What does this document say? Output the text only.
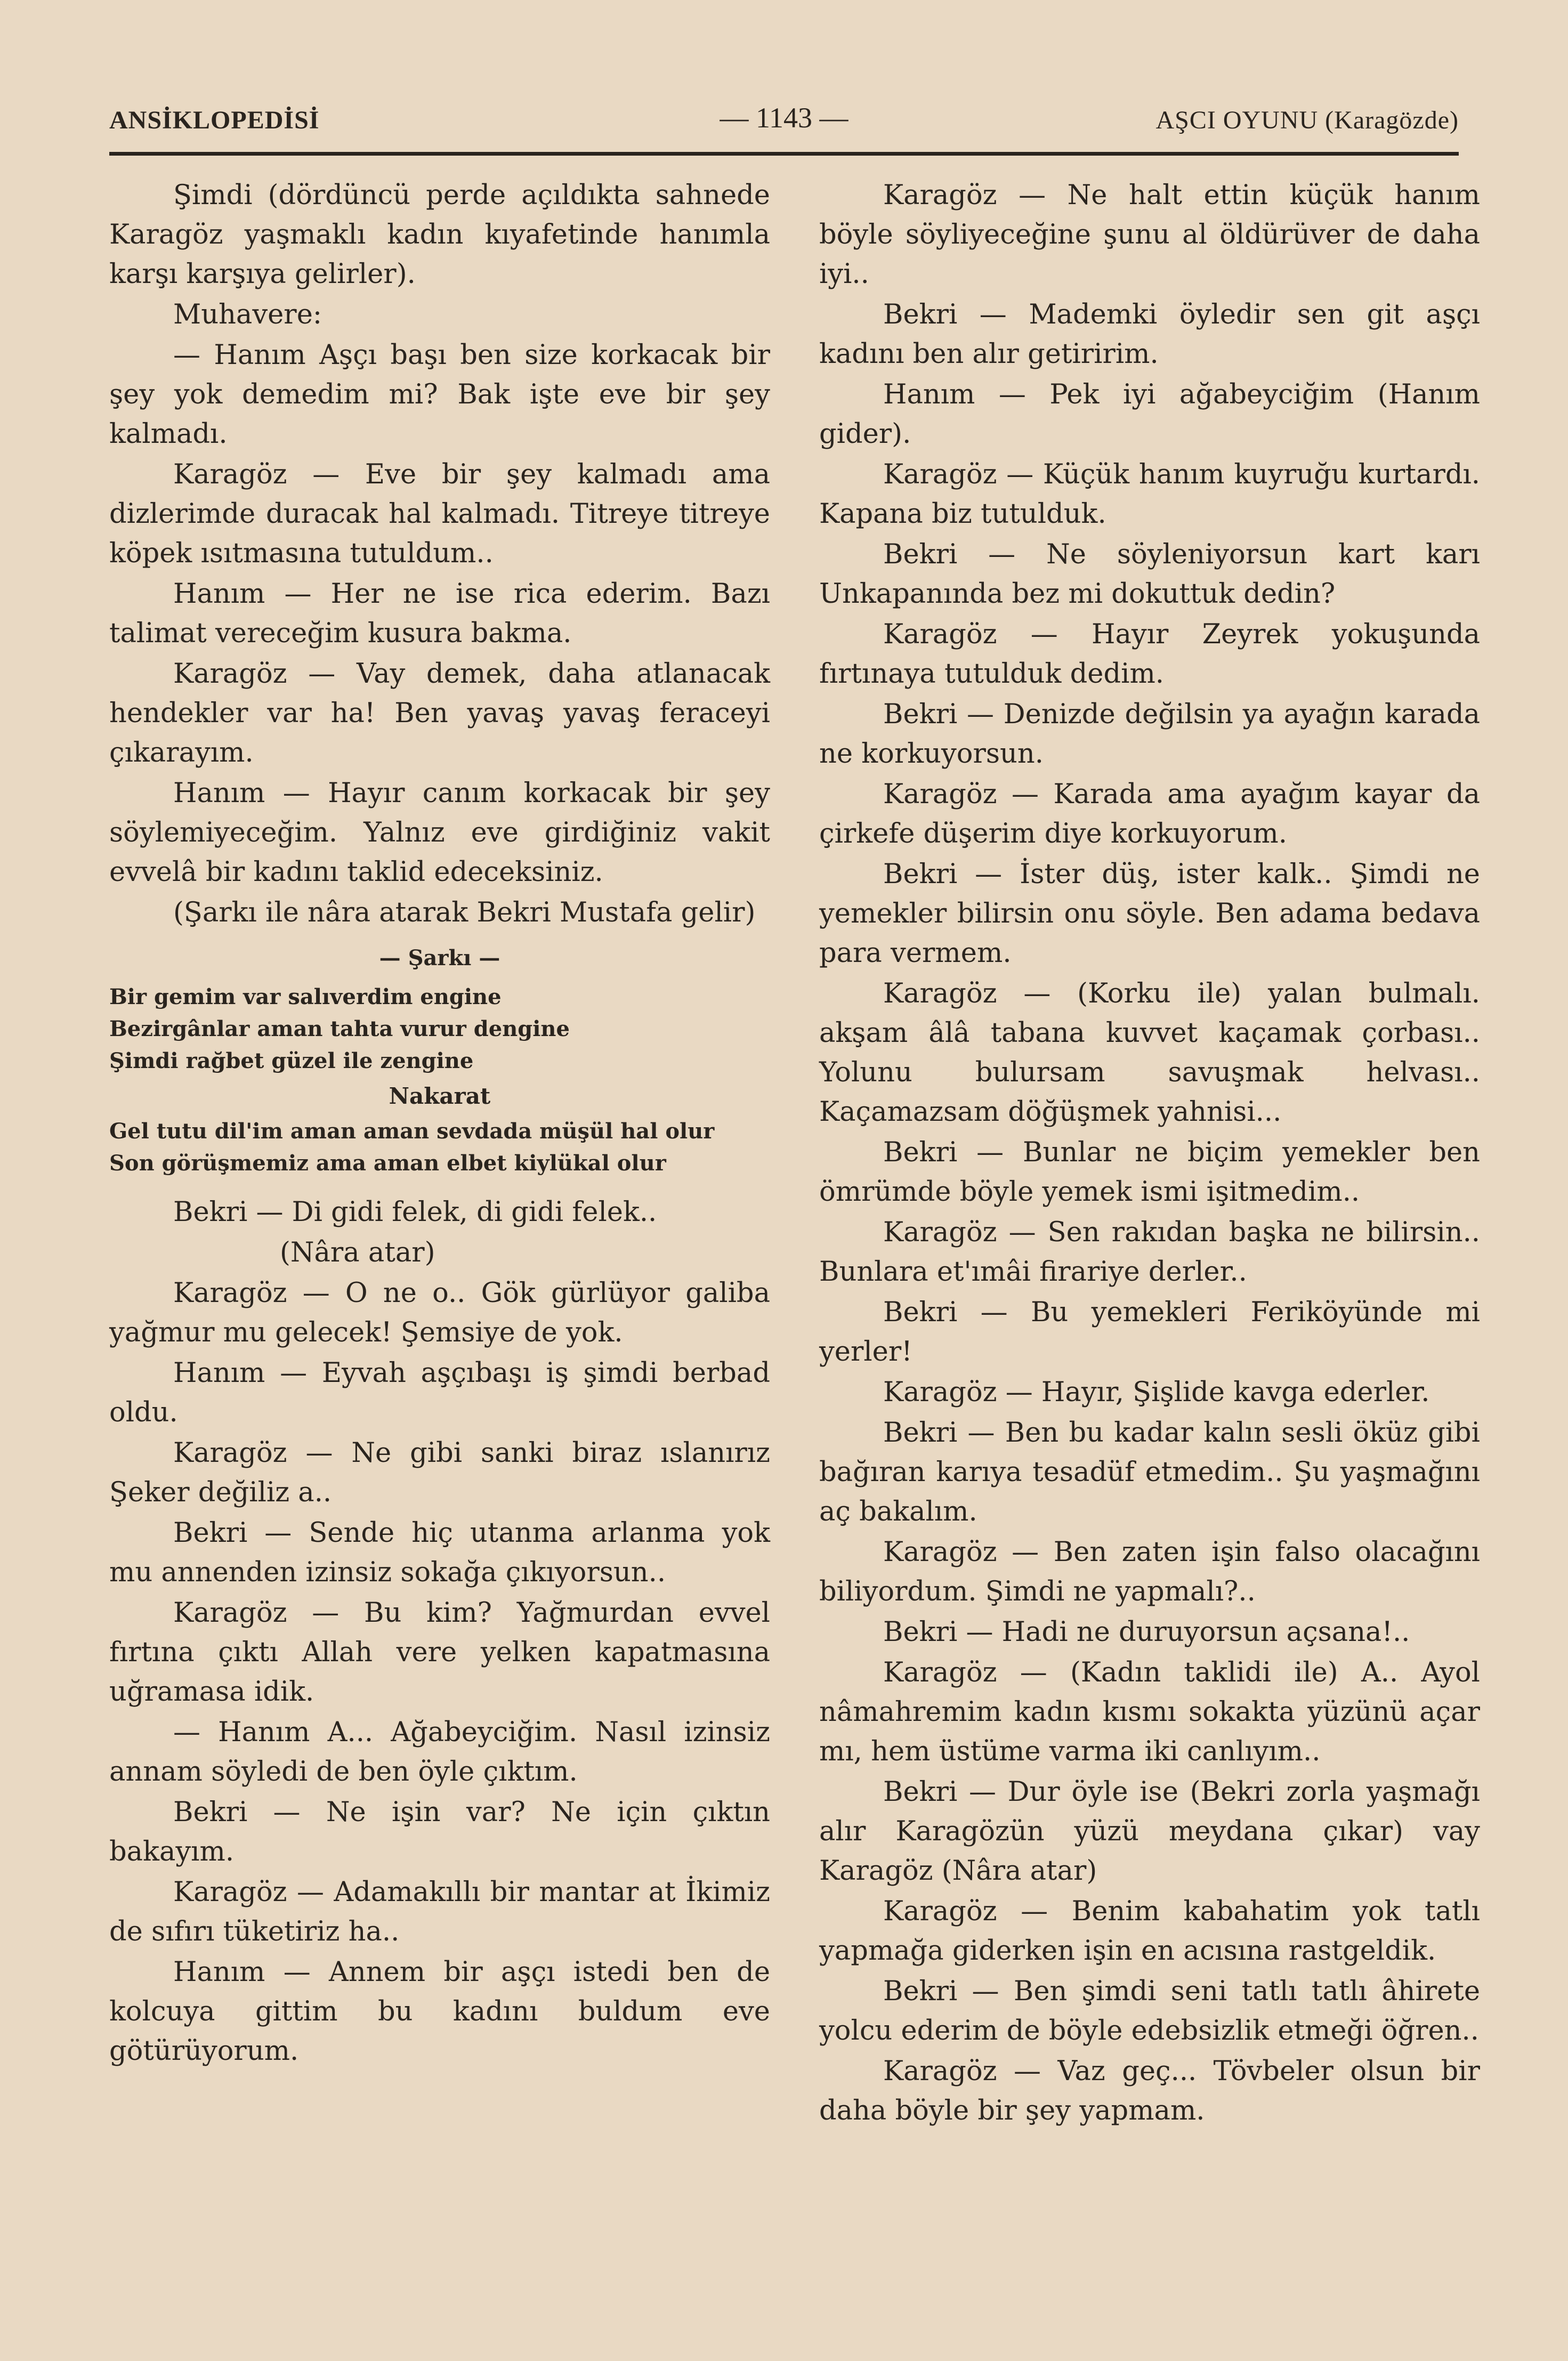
ANSİKLOPEDİSİ	— 1143 —	AŞCI OYUNU (Karagözde)

Şimdi (dördüncü perde açıldıkta sahnede Karagöz yaşmaklı kadın kıyafetinde hanımla karşı karşıya gelirler).

Muhavere:

— Hanım Aşçı başı ben size korkacak bir şey yok demedim mi? Bak işte eve bir şey kalmadı.

Karagöz — Eve bir şey kalmadı ama dizlerimde duracak hal kalmadı. Titreye titreye köpek ısıtmasına tutuldum..

Hanım — Her ne ise rica ederim. Bazı talimat vereceğim kusura bakma.

Karagöz — Vay demek, daha atlanacak hendekler var ha! Ben yavaş yavaş feraceyi çıkarayım.

Hanım — Hayır canım korkacak bir şey söylemiyeceğim. Yalnız eve girdiğiniz vakit evvelâ bir kadını taklid edeceksiniz.

(Şarkı ile nâra atarak Bekri Mustafa gelir)

— Şarkı —

Bir gemim var salıverdim engine

Bezirgânlar aman tahta vurur dengine

Şimdi rağbet güzel ile zengine

Nakarat

Gel tutu dil'im aman aman sevdada müşül hal olur

Son görüşmemiz ama aman elbet kiylükal olur

Bekri — Di gidi felek, di gidi felek..

(Nâra atar)

Karagöz — O ne o.. Gök gürlüyor galiba yağmur mu gelecek! Şemsiye de yok.

Hanım — Eyvah aşçıbaşı iş şimdi berbad oldu.

Karagöz — Ne gibi sanki biraz ıslanırız Şeker değiliz a..

Bekri — Sende hiç utanma arlanma yok mu annenden izinsiz sokağa çıkıyorsun..

Karagöz — Bu kim? Yağmurdan evvel fırtına çıktı Allah vere yelken kapatmasına uğramasa idik.

— Hanım A... Ağabeyciğim. Nasıl izinsiz annam söyledi de ben öyle çıktım.

Bekri — Ne işin var? Ne için çıktın bakayım.

Karagöz — Adamakıllı bir mantar at İkimiz de sıfırı tüketiriz ha..

Hanım — Annem bir aşçı istedi ben de kolcuya gittim bu kadını buldum eve götürüyorum.

Karagöz — Ne halt ettin küçük hanım böyle söyliyeceğine şunu al öldürüver de daha iyi..

Bekri — Mademki öyledir sen git aşçı kadını ben alır getiririm.

Hanım — Pek iyi ağabeyciğim (Hanım gider).

Karagöz — Küçük hanım kuyruğu kurtardı. Kapana biz tutulduk.

Bekri — Ne söyleniyorsun kart karı Unkapanında bez mi dokuttuk dedin?

Karagöz — Hayır Zeyrek yokuşunda fırtınaya tutulduk dedim.

Bekri — Denizde değilsin ya ayağın karada ne korkuyorsun.

Karagöz — Karada ama ayağım kayar da çirkefe düşerim diye korkuyorum.

Bekri — İster düş, ister kalk.. Şimdi ne yemekler bilirsin onu söyle. Ben adama bedava para vermem.

Karagöz — (Korku ile) yalan bulmalı. akşam âlâ tabana kuvvet kaçamak çorbası.. Yolunu bulursam savuşmak helvası.. Kaçamazsam döğüşmek yahnisi...

Bekri — Bunlar ne biçim yemekler ben ömrümde böyle yemek ismi işitmedim..

Karagöz — Sen rakıdan başka ne bilirsin.. Bunlara et'ımâi firariye derler..

Bekri — Bu yemekleri Feriköyünde mi yerler!

Karagöz — Hayır, Şişlide kavga ederler.

Bekri — Ben bu kadar kalın sesli öküz gibi bağıran karıya tesadüf etmedim.. Şu yaşmağını aç bakalım.

Karagöz — Ben zaten işin falso olacağını biliyordum. Şimdi ne yapmalı?..

Bekri — Hadi ne duruyorsun açsana!..

Karagöz — (Kadın taklidi ile) A.. Ayol nâmahremim kadın kısmı sokakta yüzünü açar mı, hem üstüme varma iki canlıyım..

Bekri — Dur öyle ise (Bekri zorla yaşmağı alır Karagözün yüzü meydana çıkar) vay Karagöz (Nâra atar)

Karagöz — Benim kabahatim yok tatlı yapmağa giderken işin en acısına rastgeldik.

Bekri — Ben şimdi seni tatlı tatlı âhirete yolcu ederim de böyle edebsizlik etmeği öğren..

Karagöz — Vaz geç... Tövbeler olsun bir daha böyle bir şey yapmam.
